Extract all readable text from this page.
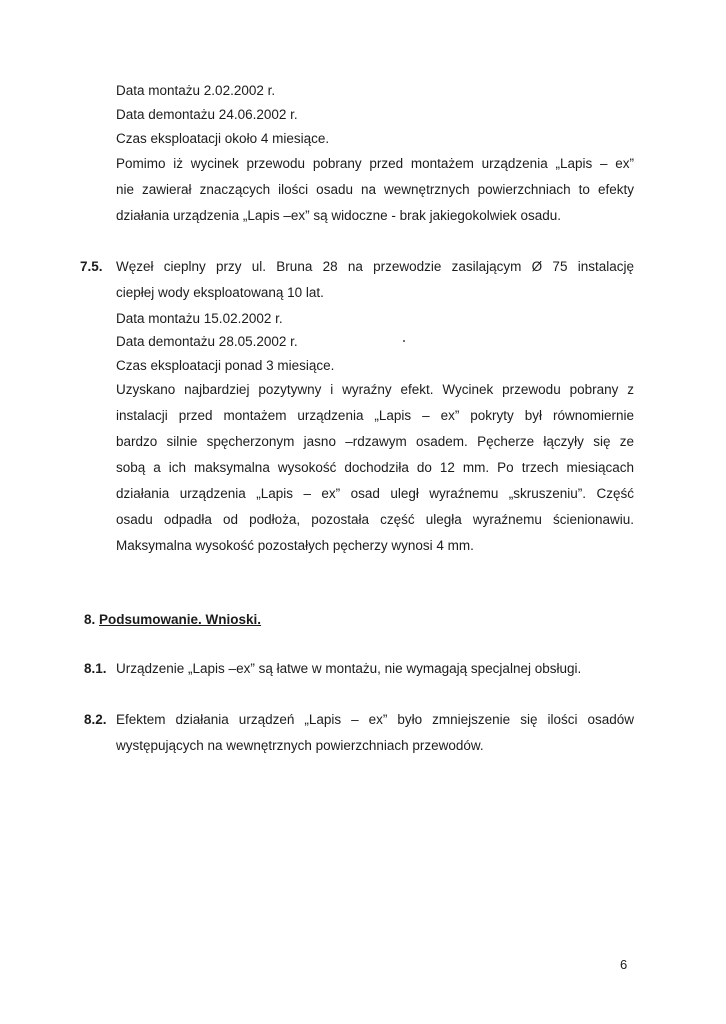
Data montażu 2.02.2002 r.
Data demontażu 24.06.2002 r.
Czas eksploatacji około 4 miesiące.
Pomimo iż wycinek przewodu pobrany przed montażem urządzenia „Lapis – ex”
nie zawierał znaczących ilości osadu na wewnętrznych powierzchniach to efekty
działania urządzenia „Lapis –ex” są widoczne - brak jakiegokolwiek osadu.
7.5. Węzeł cieplny przy ul. Bruna 28 na przewodzie zasilającym Ø 75 instalację
ciepłej wody eksploatowaną 10 lat.
Data montażu 15.02.2002 r.
Data demontażu 28.05.2002 r.
Czas eksploatacji ponad 3 miesiące.
Uzyskano najbardziej pozytywny i wyraźny efekt. Wycinek przewodu pobrany z
instalacji przed montażem urządzenia „Lapis – ex” pokryty był równomiernie
bardzo silnie spęcherzonym jasno –rdzawym osadem. Pęcherze łączyły się ze
sobą a ich maksymalna wysokość dochodziła do 12 mm. Po trzech miesiącach
działania urządzenia „Lapis – ex” osad uległ wyraźnemu „skruszeniu”. Część
osadu odpadła od podłoża, pozostała część uległa wyraźnemu ścienionawiu.
Maksymalna wysokość pozostałych pęcherzy wynosi 4 mm.
8. Podsumowanie. Wnioski.
8.1. Urządzenie „Lapis –ex” są łatwe w montażu, nie wymagają specjalnej obsługi.
8.2. Efektem działania urządzeń „Lapis – ex” było zmniejszenie się ilości osadów
występujących na wewnętrznych powierzchniach przewodów.
6
